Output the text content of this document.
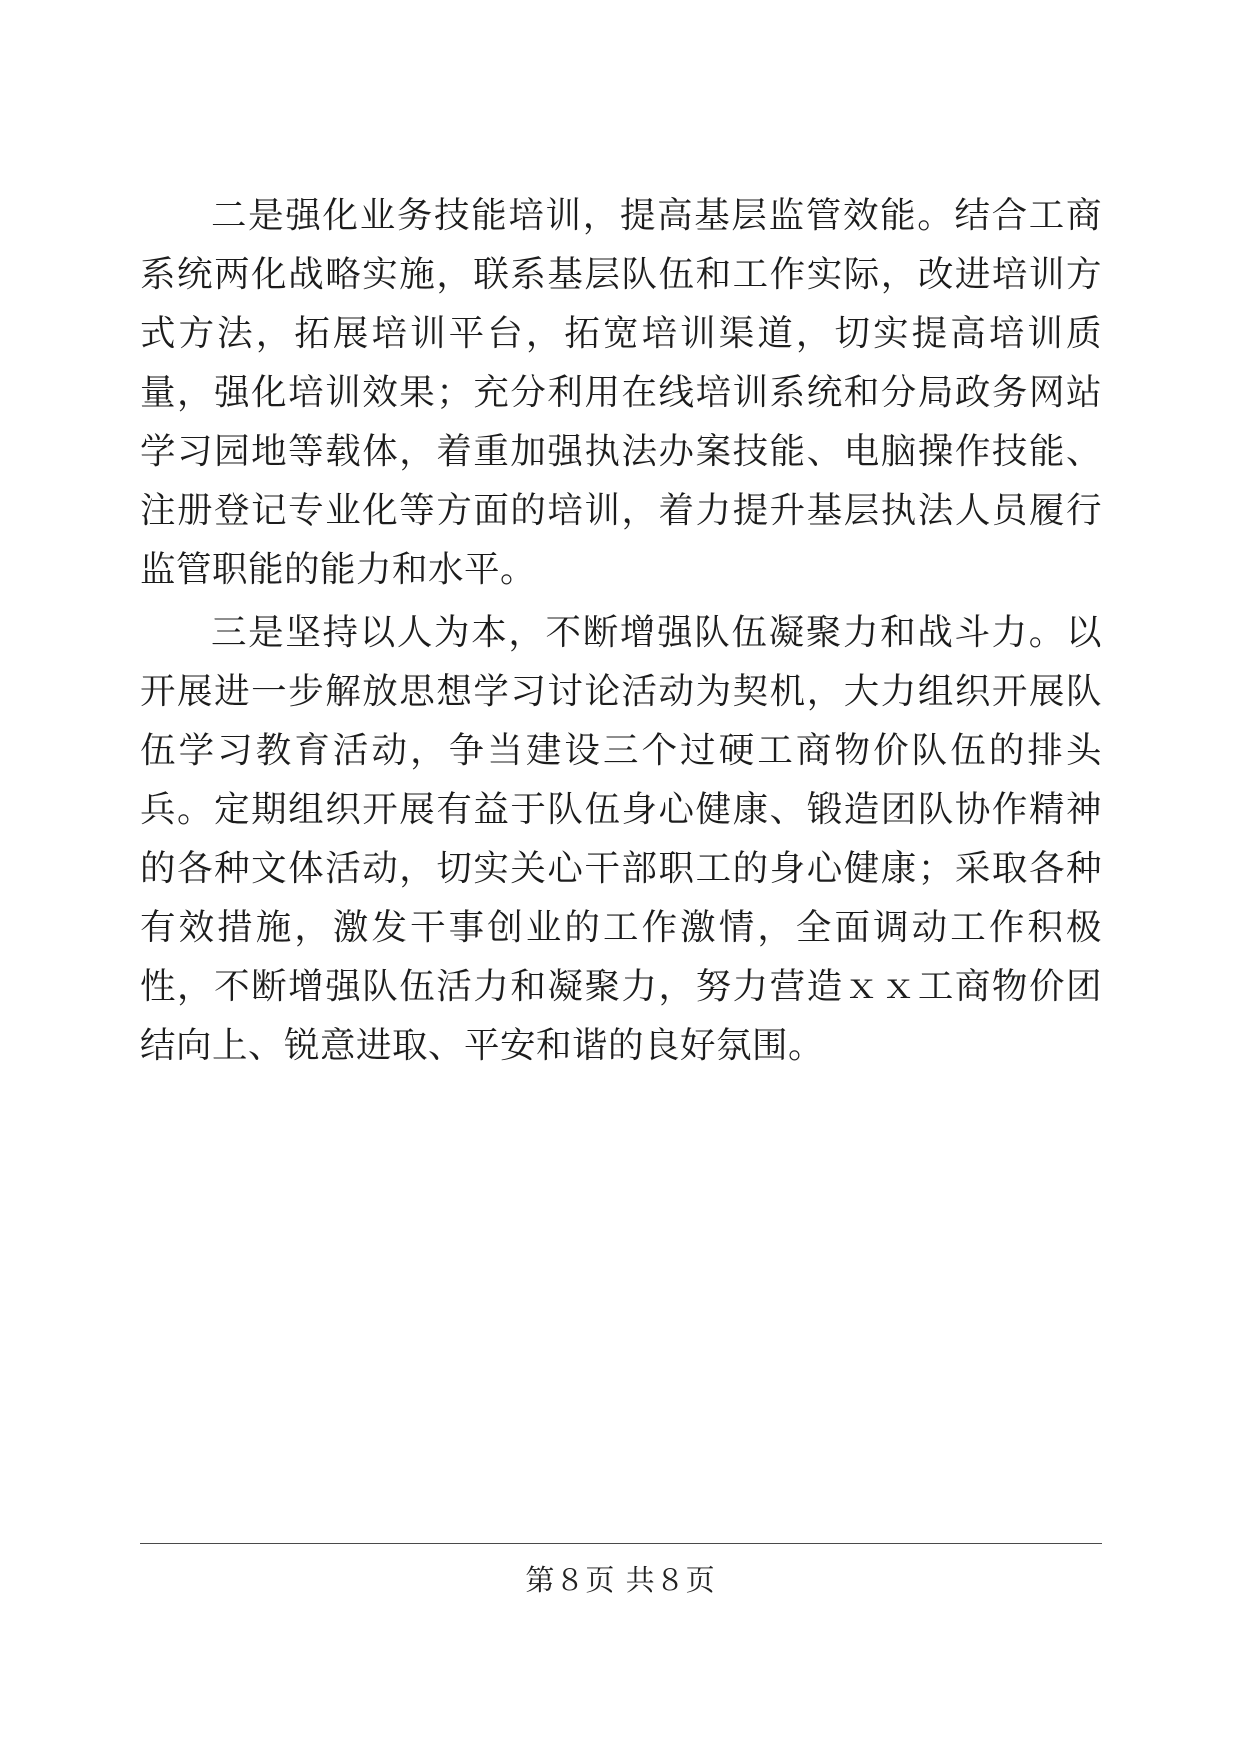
二是强化业务技能培训，提高基层监管效能。结合工商系统两化战略实施，联系基层队伍和工作实际，改进培训方式方法，拓展培训平台，拓宽培训渠道，切实提高培训质量，强化培训效果；充分利用在线培训系统和分局政务网站学习园地等载体，着重加强执法办案技能、电脑操作技能、注册登记专业化等方面的培训，着力提升基层执法人员履行监管职能的能力和水平。

三是坚持以人为本，不断增强队伍凝聚力和战斗力。以开展进一步解放思想学习讨论活动为契机，大力组织开展队伍学习教育活动，争当建设三个过硬工商物价队伍的排头兵。定期组织开展有益于队伍身心健康、锻造团队协作精神的各种文体活动，切实关心干部职工的身心健康；采取各种有效措施，激发干事创业的工作激情，全面调动工作积极性，不断增强队伍活力和凝聚力，努力营造ｘｘ工商物价团结向上、锐意进取、平安和谐的良好氛围。

第８页 共８页
